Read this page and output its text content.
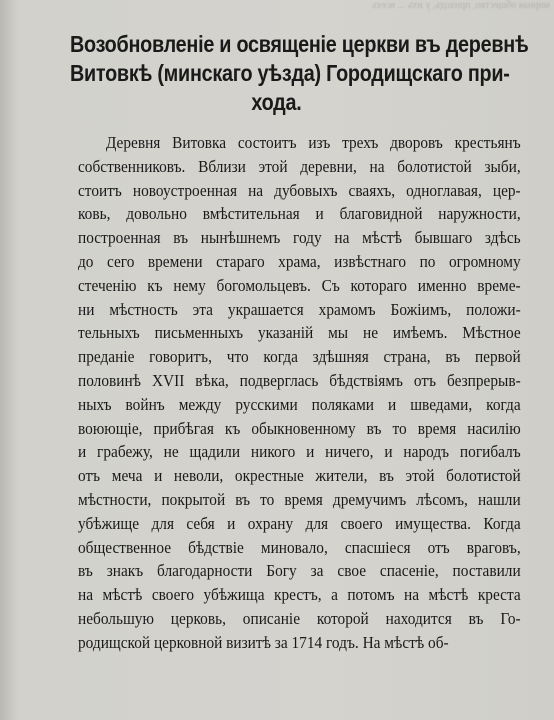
мирная общество, приходъ, у ихъ ... всехъ
Возобновленіе и освященіе церкви въ деревнѣ
Витовкѣ (минскаго уѣзда) Городищскаго при-
хода.
Деревня Витовка состоитъ изъ трехъ дворовъ крестьянъ
собственниковъ. Вблизи этой деревни, на болотистой зыби,
стоитъ новоустроенная на дубовыхъ сваяхъ, одноглавая, цер-
ковь, довольно вмѣстительная и благовидной наружности,
построенная въ нынѣшнемъ году на мѣстѣ бывшаго здѣсь
до сего времени стараго храма, извѣстнаго по огромному
стеченію къ нему богомольцевъ. Съ котораго именно време-
ни мѣстность эта украшается храмомъ Божіимъ, положи-
тельныхъ письменныхъ указаній мы не имѣемъ. Мѣстное
преданіе говоритъ, что когда здѣшняя страна, въ первой
половинѣ XVII вѣка, подверглась бѣдствіямъ отъ безпрерыв-
ныхъ войнъ между русскими поляками и шведами, когда
воюющіе, прибѣгая къ обыкновенному въ то время насилію
и грабежу, не щадили никого и ничего, и народъ погибалъ
отъ меча и неволи, окрестные жители, въ этой болотистой
мѣстности, покрытой въ то время дремучимъ лѣсомъ, нашли
убѣжище для себя и охрану для своего имущества. Когда
общественное бѣдствіе миновало, спасшіеся отъ враговъ,
въ знакъ благодарности Богу за свое спасеніе, поставили
на мѣстѣ своего убѣжища крестъ, а потомъ на мѣстѣ креста
небольшую церковь, описаніе которой находится въ Го-
родищской церковной визитѣ за 1714 годъ. На мѣстѣ об-
